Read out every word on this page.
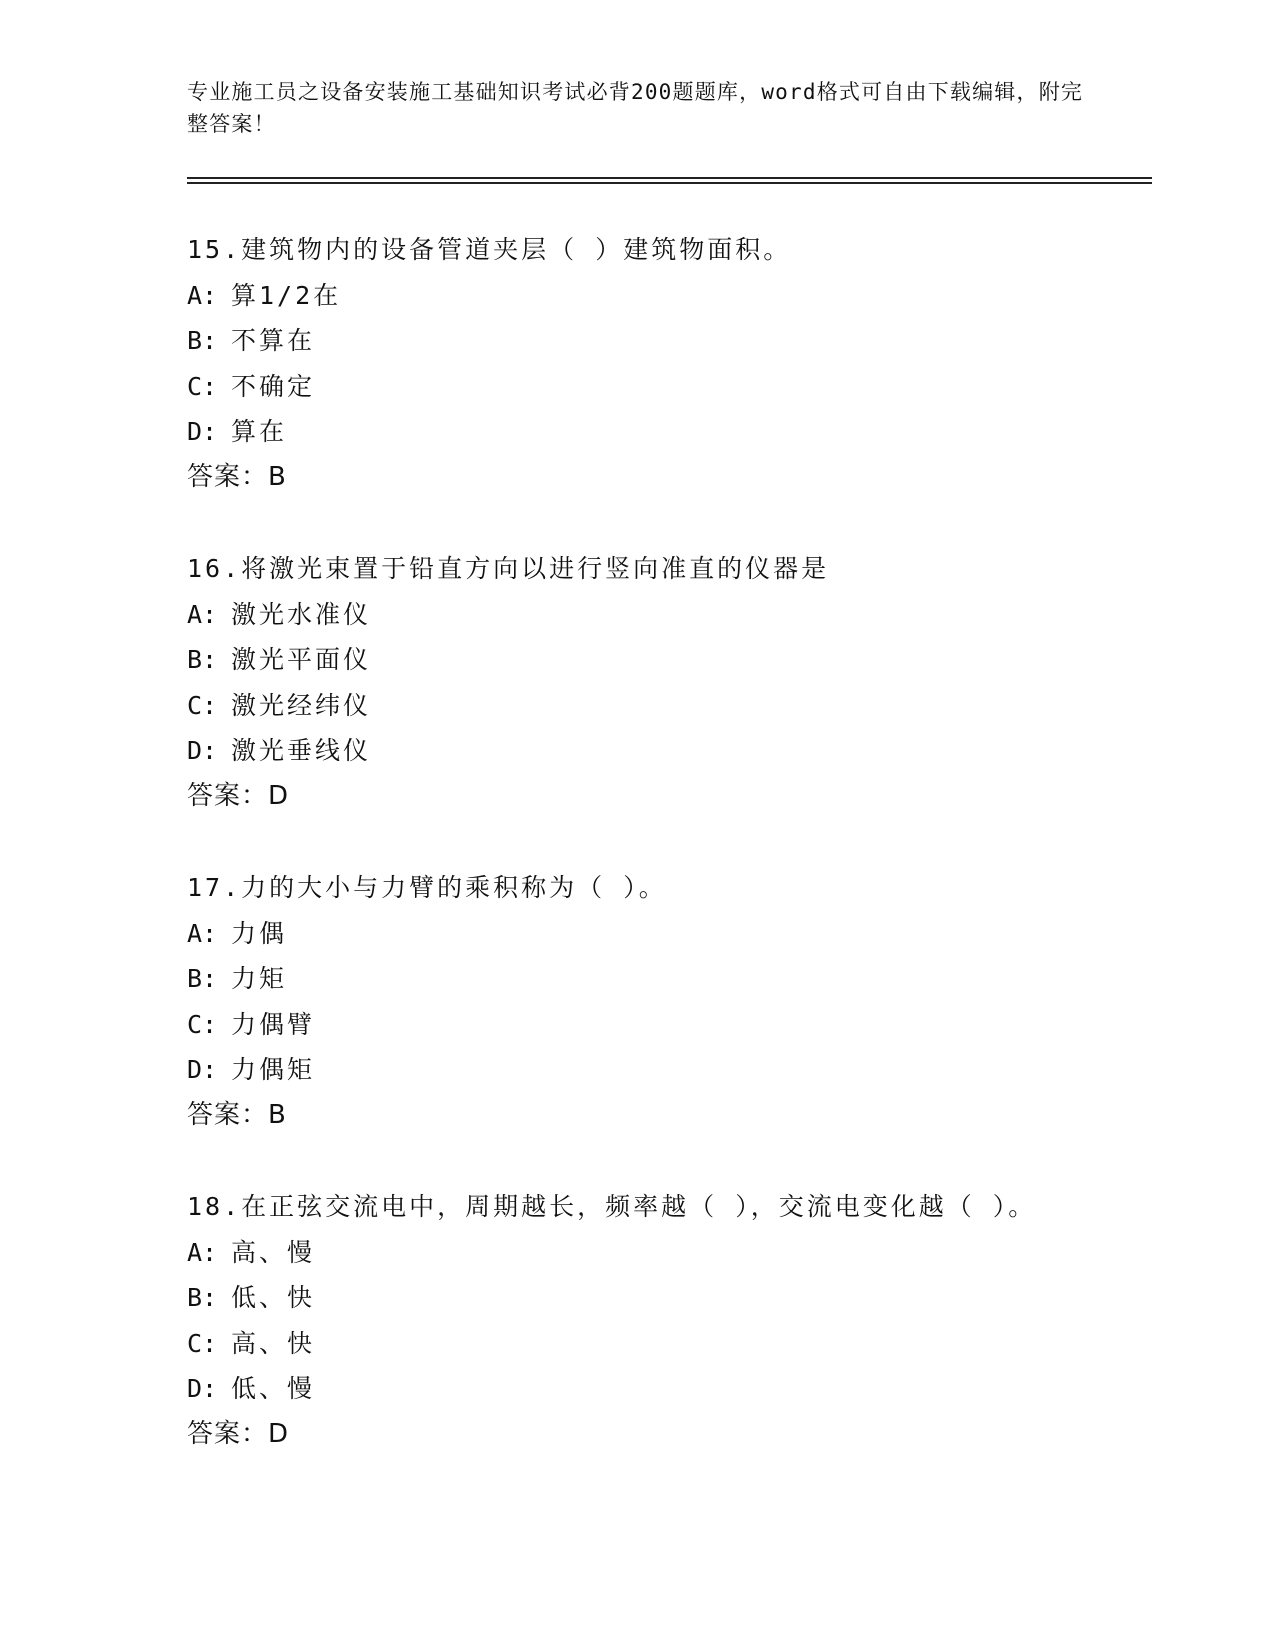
专业施工员之设备安装施工基础知识考试必背200题题库，word格式可自由下载编辑，附完整答案！
15.建筑物内的设备管道夹层（ ）建筑物面积。
A: 算1/2在
B: 不算在
C: 不确定
D: 算在
答案：B
16.将激光束置于铅直方向以进行竖向准直的仪器是
A: 激光水准仪
B: 激光平面仪
C: 激光经纬仪
D: 激光垂线仪
答案：D
17.力的大小与力臂的乘积称为（ ）。
A: 力偶
B: 力矩
C: 力偶臂
D: 力偶矩
答案：B
18.在正弦交流电中，周期越长，频率越（ ），交流电变化越（ ）。
A: 高、慢
B: 低、快
C: 高、快
D: 低、慢
答案：D
